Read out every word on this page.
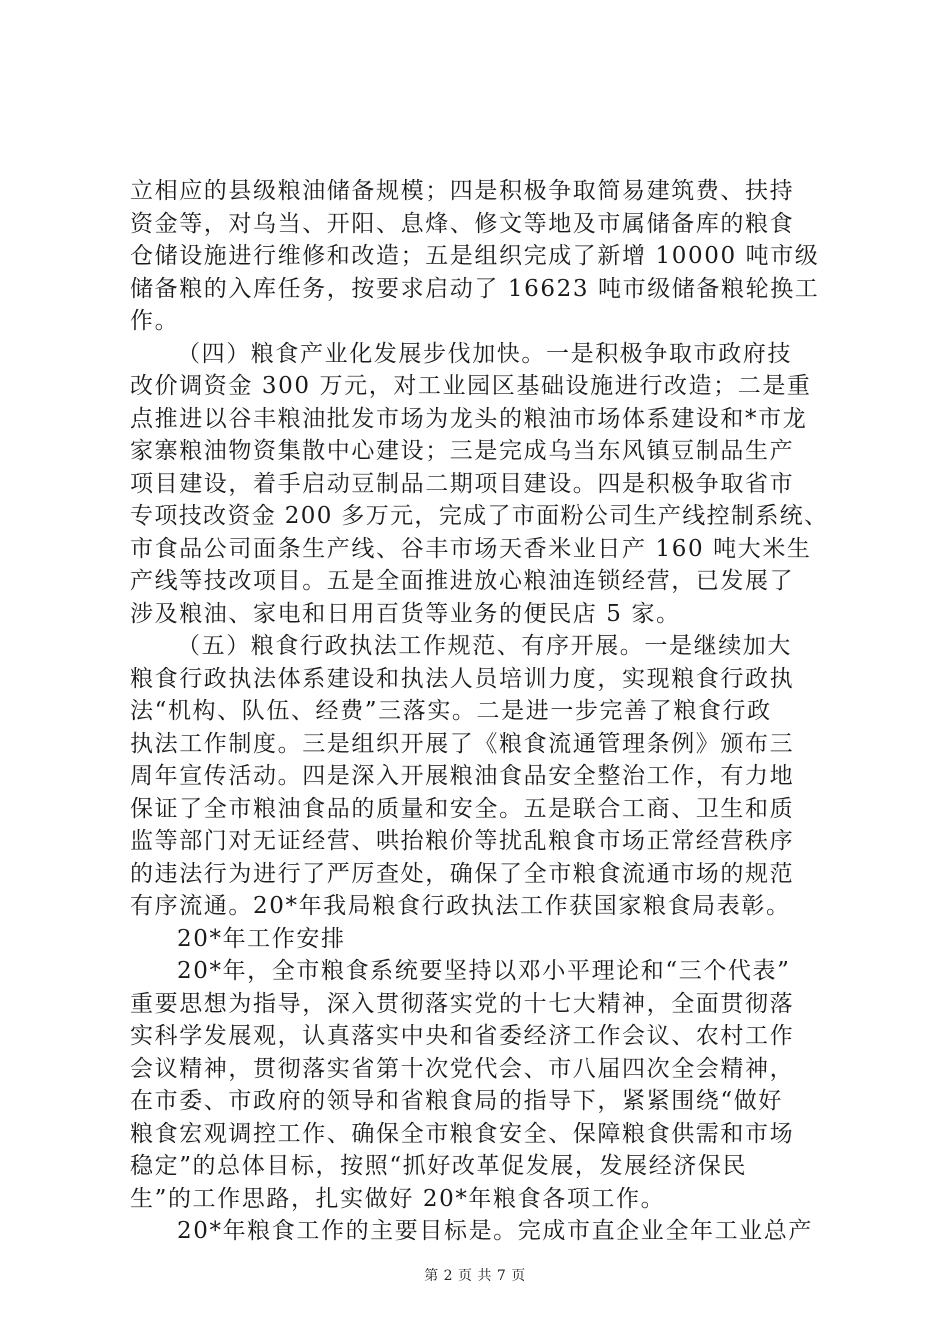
立相应的县级粮油储备规模；四是积极争取简易建筑费、扶持
资金等，对乌当、开阳、息烽、修文等地及市属储备库的粮食
仓储设施进行维修和改造；五是组织完成了新增 10000 吨市级
储备粮的入库任务，按要求启动了 16623 吨市级储备粮轮换工
作。
（四）粮食产业化发展步伐加快。一是积极争取市政府技
改价调资金 300 万元，对工业园区基础设施进行改造；二是重
点推进以谷丰粮油批发市场为龙头的粮油市场体系建设和*市龙
家寨粮油物资集散中心建设；三是完成乌当东风镇豆制品生产
项目建设，着手启动豆制品二期项目建设。四是积极争取省市
专项技改资金 200 多万元，完成了市面粉公司生产线控制系统、
市食品公司面条生产线、谷丰市场天香米业日产 160 吨大米生
产线等技改项目。五是全面推进放心粮油连锁经营，已发展了
涉及粮油、家电和日用百货等业务的便民店 5 家。
（五）粮食行政执法工作规范、有序开展。一是继续加大
粮食行政执法体系建设和执法人员培训力度，实现粮食行政执
法“机构、队伍、经费”三落实。二是进一步完善了粮食行政
执法工作制度。三是组织开展了《粮食流通管理条例》颁布三
周年宣传活动。四是深入开展粮油食品安全整治工作，有力地
保证了全市粮油食品的质量和安全。五是联合工商、卫生和质
监等部门对无证经营、哄抬粮价等扰乱粮食市场正常经营秩序
的违法行为进行了严厉查处，确保了全市粮食流通市场的规范
有序流通。20*年我局粮食行政执法工作获国家粮食局表彰。
20*年工作安排
20*年，全市粮食系统要坚持以邓小平理论和“三个代表”
重要思想为指导，深入贯彻落实党的十七大精神，全面贯彻落
实科学发展观，认真落实中央和省委经济工作会议、农村工作
会议精神，贯彻落实省第十次党代会、市八届四次全会精神，
在市委、市政府的领导和省粮食局的指导下，紧紧围绕“做好
粮食宏观调控工作、确保全市粮食安全、保障粮食供需和市场
稳定”的总体目标，按照“抓好改革促发展，发展经济保民
生”的工作思路，扎实做好 20*年粮食各项工作。
20*年粮食工作的主要目标是。完成市直企业全年工业总产
第 2 页 共 7 页
